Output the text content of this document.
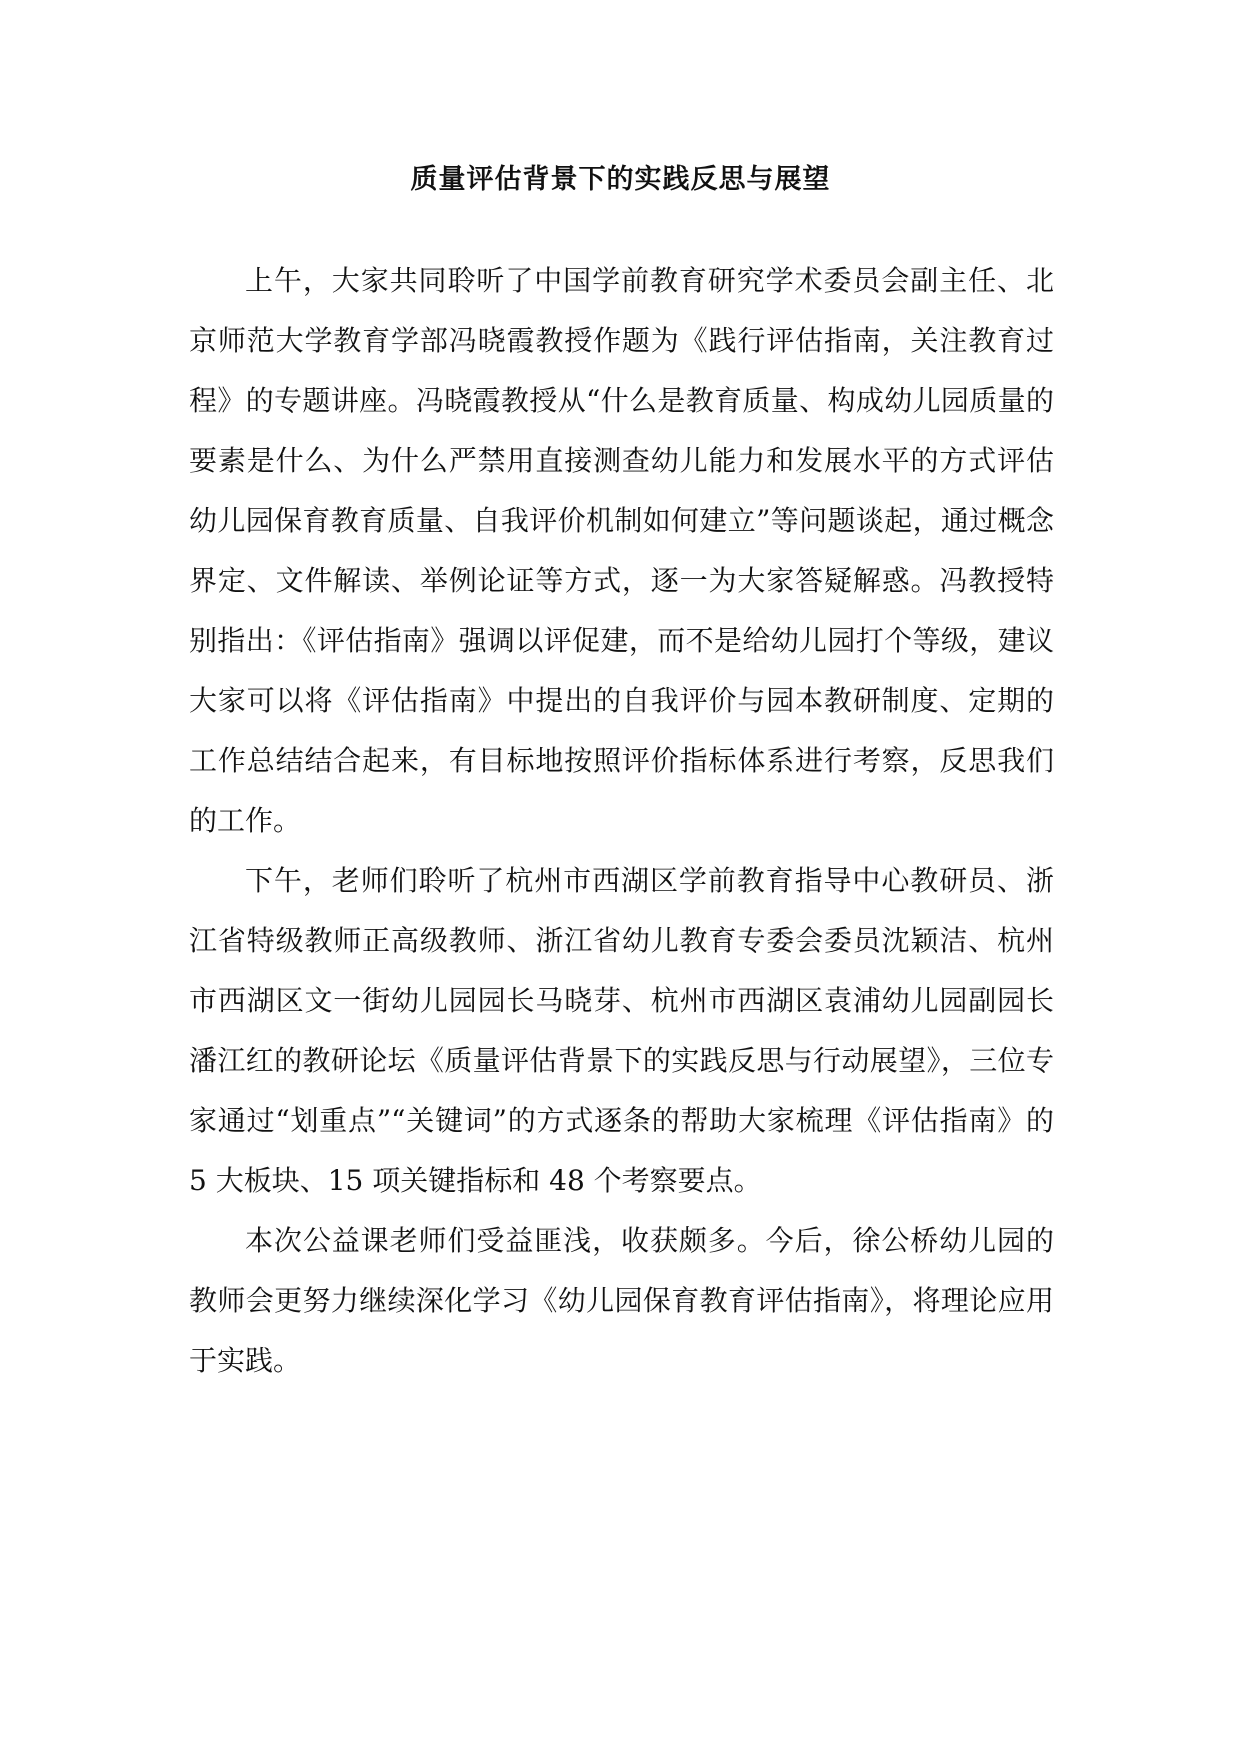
质量评估背景下的实践反思与展望

上午，大家共同聆听了中国学前教育研究学术委员会副主任、北京师范大学教育学部冯晓霞教授作题为《践行评估指南，关注教育过程》的专题讲座。冯晓霞教授从“什么是教育质量、构成幼儿园质量的要素是什么、为什么严禁用直接测查幼儿能力和发展水平的方式评估幼儿园保育教育质量、自我评价机制如何建立”等问题谈起，通过概念界定、文件解读、举例论证等方式，逐一为大家答疑解惑。冯教授特别指出：《评估指南》强调以评促建，而不是给幼儿园打个等级，建议大家可以将《评估指南》中提出的自我评价与园本教研制度、定期的工作总结结合起来，有目标地按照评价指标体系进行考察，反思我们的工作。

下午，老师们聆听了杭州市西湖区学前教育指导中心教研员、浙江省特级教师正高级教师、浙江省幼儿教育专委会委员沈颖洁、杭州市西湖区文一街幼儿园园长马晓芽、杭州市西湖区袁浦幼儿园副园长潘江红的教研论坛《质量评估背景下的实践反思与行动展望》，三位专家通过“划重点”“关键词”的方式逐条的帮助大家梳理《评估指南》的 5 大板块、15 项关键指标和 48 个考察要点。

本次公益课老师们受益匪浅，收获颇多。今后，徐公桥幼儿园的教师会更努力继续深化学习《幼儿园保育教育评估指南》，将理论应用于实践。
